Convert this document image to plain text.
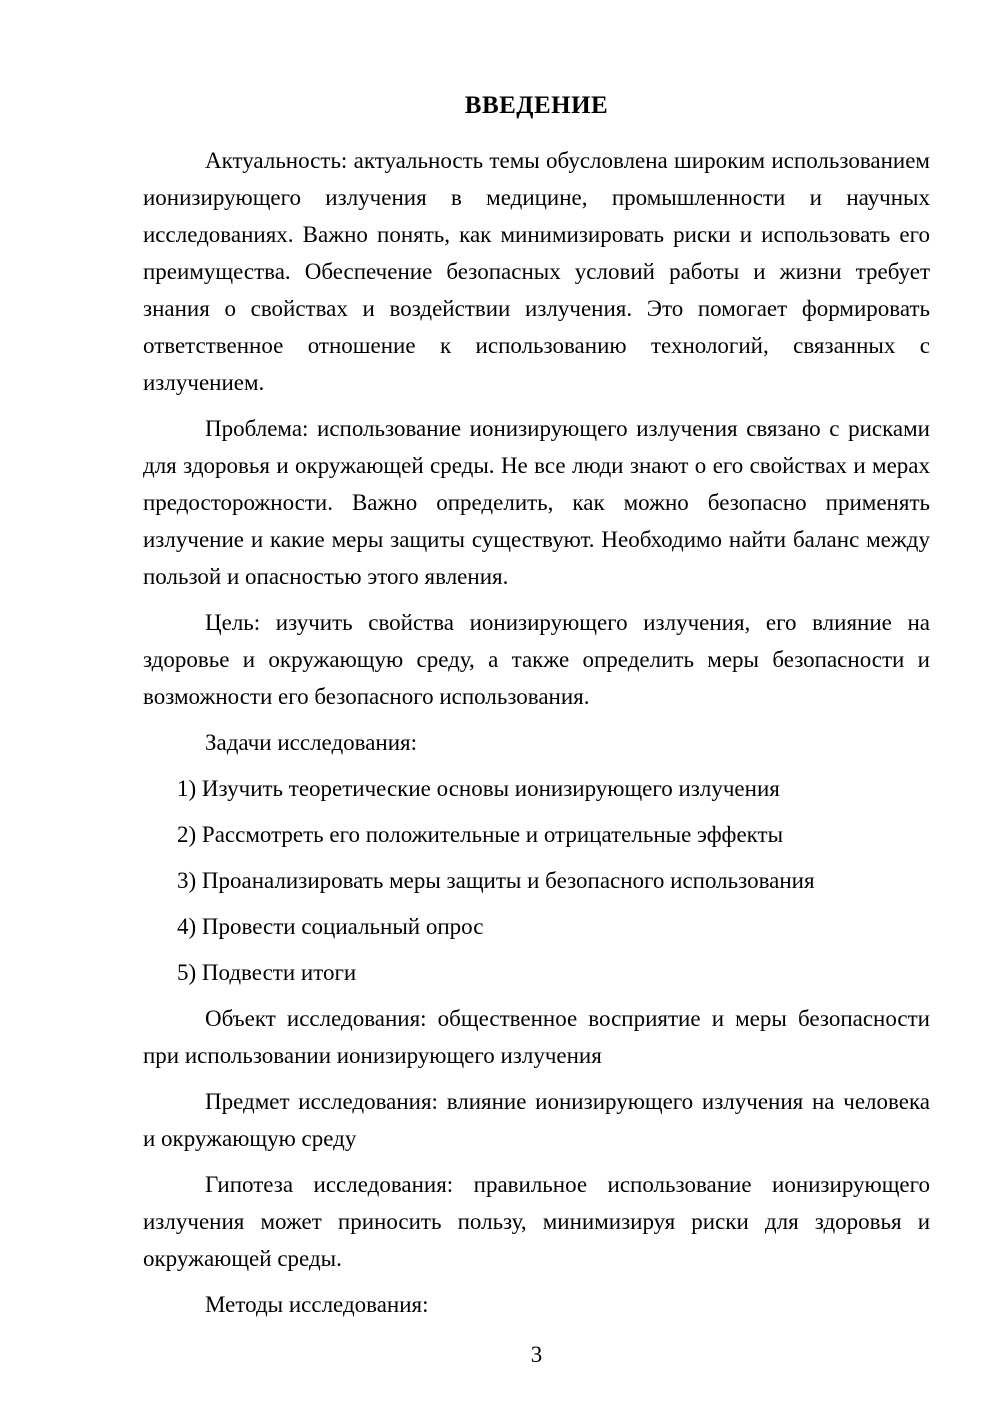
ВВЕДЕНИЕ

Актуальность: актуальность темы обусловлена широким использованием ионизирующего излучения в медицине, промышленности и научных исследованиях. Важно понять, как минимизировать риски и использовать его преимущества. Обеспечение безопасных условий работы и жизни требует знания о свойствах и воздействии излучения. Это помогает формировать ответственное отношение к использованию технологий, связанных с излучением.

Проблема: использование ионизирующего излучения связано с рисками для здоровья и окружающей среды. Не все люди знают о его свойствах и мерах предосторожности. Важно определить, как можно безопасно применять излучение и какие меры защиты существуют. Необходимо найти баланс между пользой и опасностью этого явления.

Цель: изучить свойства ионизирующего излучения, его влияние на здоровье и окружающую среду, а также определить меры безопасности и возможности его безопасного использования.

Задачи исследования:

1) Изучить теоретические основы ионизирующего излучения

2) Рассмотреть его положительные и отрицательные эффекты

3) Проанализировать меры защиты и безопасного использования

4) Провести социальный опрос

5) Подвести итоги

Объект исследования: общественное восприятие и меры безопасности при использовании ионизирующего излучения

Предмет исследования: влияние ионизирующего излучения на человека и окружающую среду

Гипотеза исследования: правильное использование ионизирующего излучения может приносить пользу, минимизируя риски для здоровья и окружающей среды.

Методы исследования:

3
